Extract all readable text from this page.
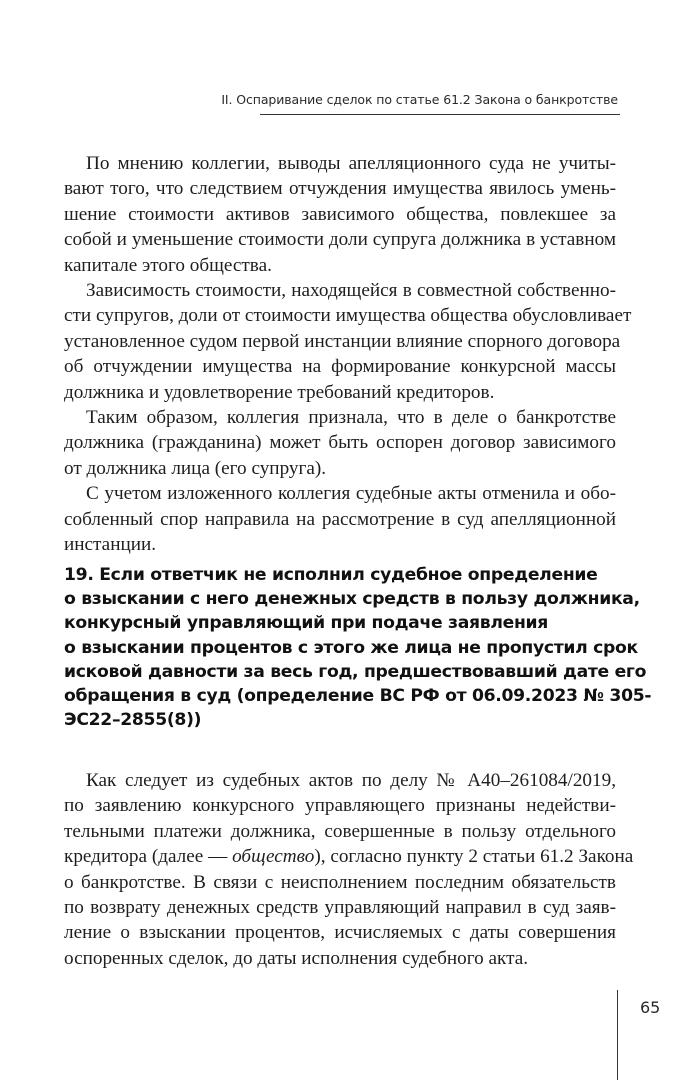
II. Оспаривание сделок по статье 61.2 Закона о банкротстве
По мнению коллегии, выводы апелляционного суда не учиты-
вают того, что следствием отчуждения имущества явилось умень-
шение стоимости активов зависимого общества, повлекшее за
собой и уменьшение стоимости доли супруга должника в уставном
капитале этого общества.
Зависимость стоимости, находящейся в совместной собственно-
сти супругов, доли от стоимости имущества общества обусловливает
установленное судом первой инстанции влияние спорного договора
об отчуждении имущества на формирование конкурсной массы
должника и удовлетворение требований кредиторов.
Таким образом, коллегия признала, что в деле о банкротстве
должника (гражданина) может быть оспорен договор зависимого
от должника лица (его супруга).
С учетом изложенного коллегия судебные акты отменила и обо-
собленный спор направила на рассмотрение в суд апелляционной
инстанции.
19. Если ответчик не исполнил судебное определение
о взыскании с него денежных средств в пользу должника,
конкурсный управляющий при подаче заявления
о взыскании процентов с этого же лица не пропустил срок
исковой давности за весь год, предшествовавший дате его
обращения в суд (определение ВС РФ от 06.09.2023 № 305-
ЭС22–2855(8))
Как следует из судебных актов по делу № А40–261084/2019,
по заявлению конкурсного управляющего признаны недействи-
тельными платежи должника, совершенные в пользу отдельного
кредитора (далее — общество), согласно пункту 2 статьи 61.2 Закона
о банкротстве. В связи с неисполнением последним обязательств
по возврату денежных средств управляющий направил в суд заяв-
ление о взыскании процентов, исчисляемых с даты совершения
оспоренных сделок, до даты исполнения судебного акта.
65
